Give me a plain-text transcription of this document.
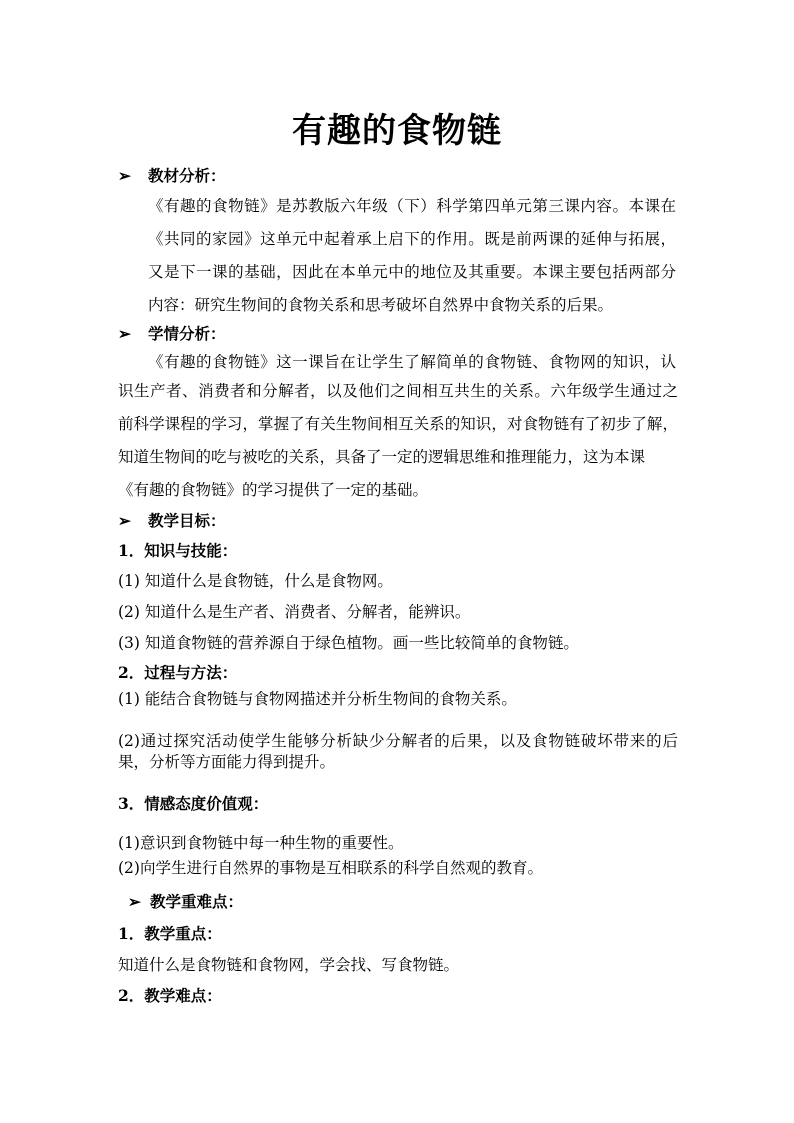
有趣的食物链
➢ 教材分析：
《有趣的食物链》是苏教版六年级（下）科学第四单元第三课内容。本课在
《共同的家园》这单元中起着承上启下的作用。既是前两课的延伸与拓展，
又是下一课的基础，因此在本单元中的地位及其重要。本课主要包括两部分
内容：研究生物间的食物关系和思考破坏自然界中食物关系的后果。
➢ 学情分析：
《有趣的食物链》这一课旨在让学生了解简单的食物链、食物网的知识，认
识生产者、消费者和分解者，以及他们之间相互共生的关系。六年级学生通过之
前科学课程的学习，掌握了有关生物间相互关系的知识，对食物链有了初步了解，
知道生物间的吃与被吃的关系，具备了一定的逻辑思维和推理能力，这为本课
《有趣的食物链》的学习提供了一定的基础。
➢ 教学目标：
1．知识与技能：
(1) 知道什么是食物链，什么是食物网。
(2) 知道什么是生产者、消费者、分解者，能辨识。
(3) 知道食物链的营养源自于绿色植物。画一些比较简单的食物链。
2．过程与方法：
(1) 能结合食物链与食物网描述并分析生物间的食物关系。
(2)通过探究活动使学生能够分析缺少分解者的后果，以及食物链破坏带来的后
果，分析等方面能力得到提升。
3．情感态度价值观：
(1)意识到食物链中每一种生物的重要性。
(2)向学生进行自然界的事物是互相联系的科学自然观的教育。
➢ 教学重难点：
1．教学重点：
知道什么是食物链和食物网，学会找、写食物链。
2．教学难点：
